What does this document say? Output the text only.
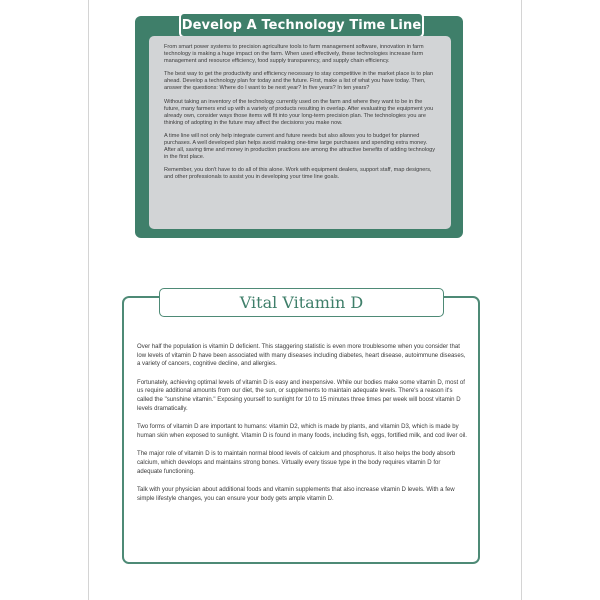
Develop A Technology Time Line

From smart power systems to precision agriculture tools to farm management software, innovation in farm technology is making a huge impact on the farm. When used effectively, these technologies increase farm management and resource efficiency, food supply transparency, and supply chain efficiency.

The best way to get the productivity and efficiency necessary to stay competitive in the market place is to plan ahead. Develop a technology plan for today and the future. First, make a list of what you have today. Then, answer the questions: Where do I want to be next year? In five years? In ten years?

Without taking an inventory of the technology currently used on the farm and where they want to be in the future, many farmers end up with a variety of products resulting in overlap. After evaluating the equipment you already own, consider ways those items will fit into your long-term precision plan. The technologies you are thinking of adopting in the future may affect the decisions you make now.

A time line will not only help integrate current and future needs but also allows you to budget for planned purchases. A well developed plan helps avoid making one-time large purchases and spending extra money. After all, saving time and money in production practices are among the attractive benefits of adding technology in the first place.

Remember, you don't have to do all of this alone. Work with equipment dealers, support staff, map designers, and other professionals to assist you in developing your time line goals.

Vital Vitamin D

Over half the population is vitamin D deficient. This staggering statistic is even more troublesome when you consider that low levels of vitamin D have been associated with many diseases including diabetes, heart disease, autoimmune diseases, a variety of cancers, cognitive decline, and allergies.

Fortunately, achieving optimal levels of vitamin D is easy and inexpensive. While our bodies make some vitamin D, most of us require additional amounts from our diet, the sun, or supplements to maintain adequate levels. There's a reason it's called the "sunshine vitamin." Exposing yourself to sunlight for 10 to 15 minutes three times per week will boost vitamin D levels dramatically.

Two forms of vitamin D are important to humans: vitamin D2, which is made by plants, and vitamin D3, which is made by human skin when exposed to sunlight. Vitamin D is found in many foods, including fish, eggs, fortified milk, and cod liver oil.

The major role of vitamin D is to maintain normal blood levels of calcium and phosphorus. It also helps the body absorb calcium, which develops and maintains strong bones. Virtually every tissue type in the body requires vitamin D for adequate functioning.

Talk with your physician about additional foods and vitamin supplements that also increase vitamin D levels. With a few simple lifestyle changes, you can ensure your body gets ample vitamin D.
